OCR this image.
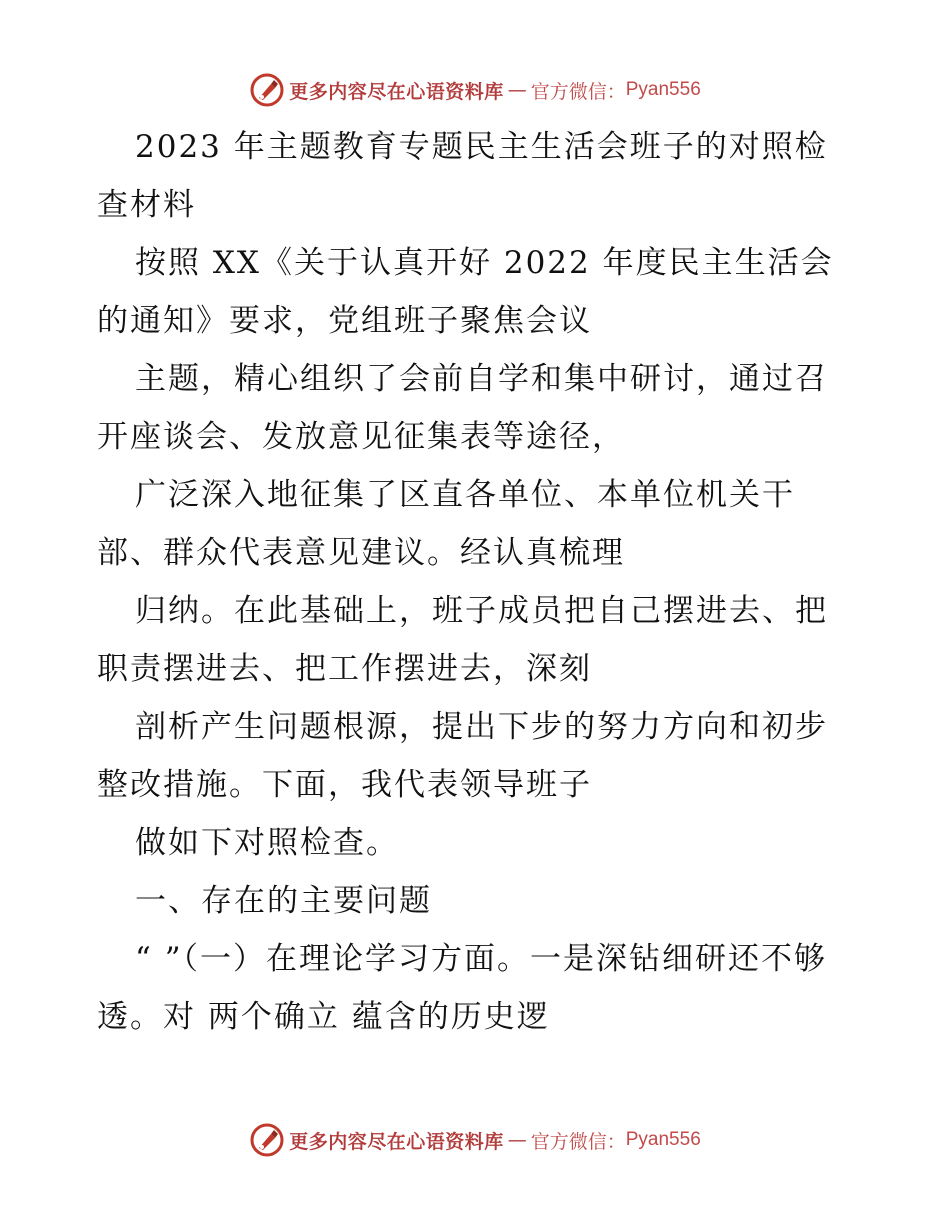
更多内容尽在心语资料库 — 官方微信： Pyan556

2023 年主题教育专题民主生活会班子的对照检查材料

按照 XX《关于认真开好 2022 年度民主生活会的通知》要求，党组班子聚焦会议

主题，精心组织了会前自学和集中研讨，通过召开座谈会、发放意见征集表等途径，

广泛深入地征集了区直各单位、本单位机关干部、群众代表意见建议。经认真梳理

归纳。在此基础上，班子成员把自己摆进去、把职责摆进去、把工作摆进去，深刻

剖析产生问题根源，提出下步的努力方向和初步整改措施。下面，我代表领导班子

做如下对照检查。

一、存在的主要问题

“ ”（一）在理论学习方面。一是深钻细研还不够透。对 两个确立 蕴含的历史逻

更多内容尽在心语资料库 — 官方微信： Pyan556
